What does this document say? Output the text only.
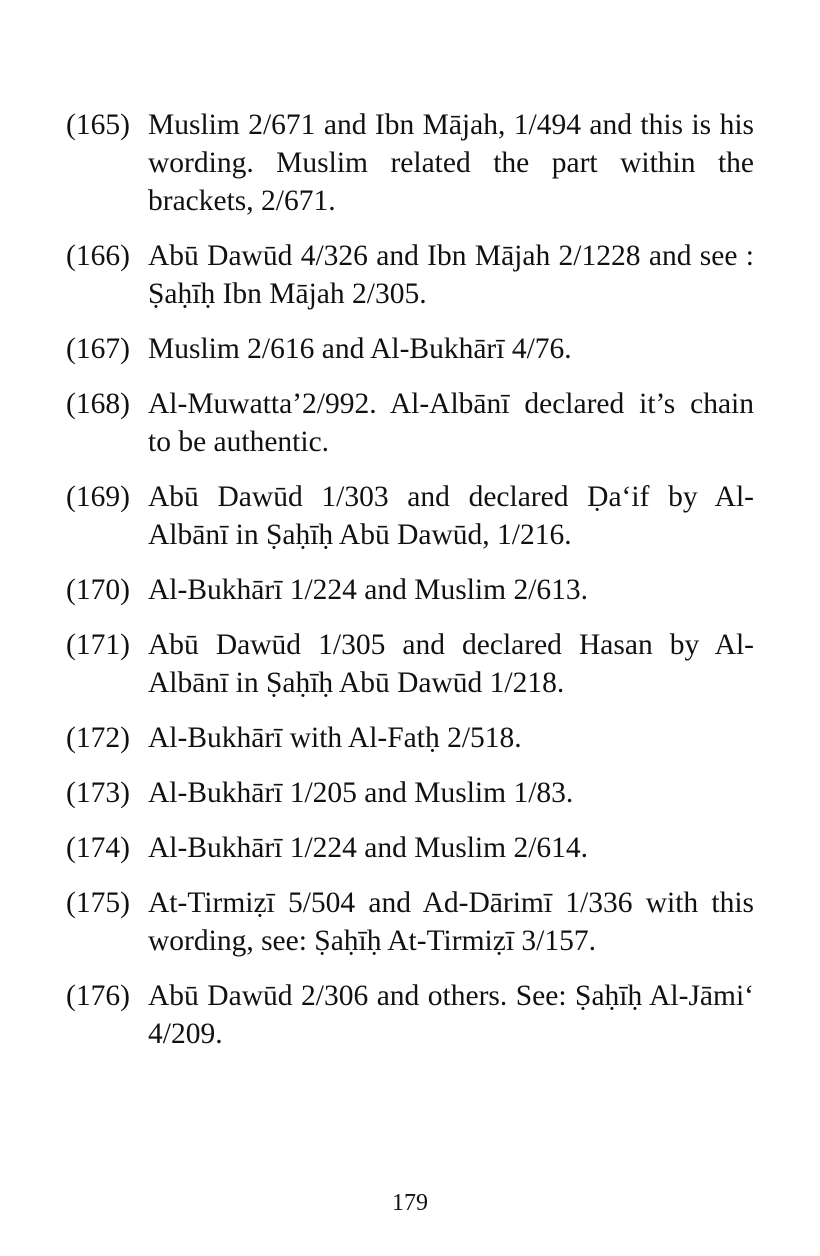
(165) Muslim 2/671 and Ibn Mājah, 1/494 and this is his wording. Muslim related the part within the brackets, 2/671.
(166) Abū Dawūd 4/326 and Ibn Mājah 2/1228 and see : Ṣaḥīḥ Ibn Mājah 2/305.
(167) Muslim 2/616 and Al-Bukhārī 4/76.
(168) Al-Muwatta’2/992. Al-Albānī declared it’s chain to be authentic.
(169) Abū Dawūd 1/303 and declared Ḍa‘if by Al-Albānī in Ṣaḥīḥ Abū Dawūd, 1/216.
(170) Al-Bukhārī 1/224 and Muslim 2/613.
(171) Abū Dawūd 1/305 and declared Hasan by Al-Albānī in Ṣaḥīḥ Abū Dawūd 1/218.
(172) Al-Bukhārī with Al-Fatḥ 2/518.
(173) Al-Bukhārī 1/205 and Muslim 1/83.
(174) Al-Bukhārī 1/224 and Muslim 2/614.
(175) At-Tirmiẓī 5/504 and Ad-Dārimī 1/336 with this wording, see: Ṣaḥīḥ At-Tirmiẓī 3/157.
(176) Abū Dawūd 2/306 and others. See: Ṣaḥīḥ Al-Jāmi‘ 4/209.
179
